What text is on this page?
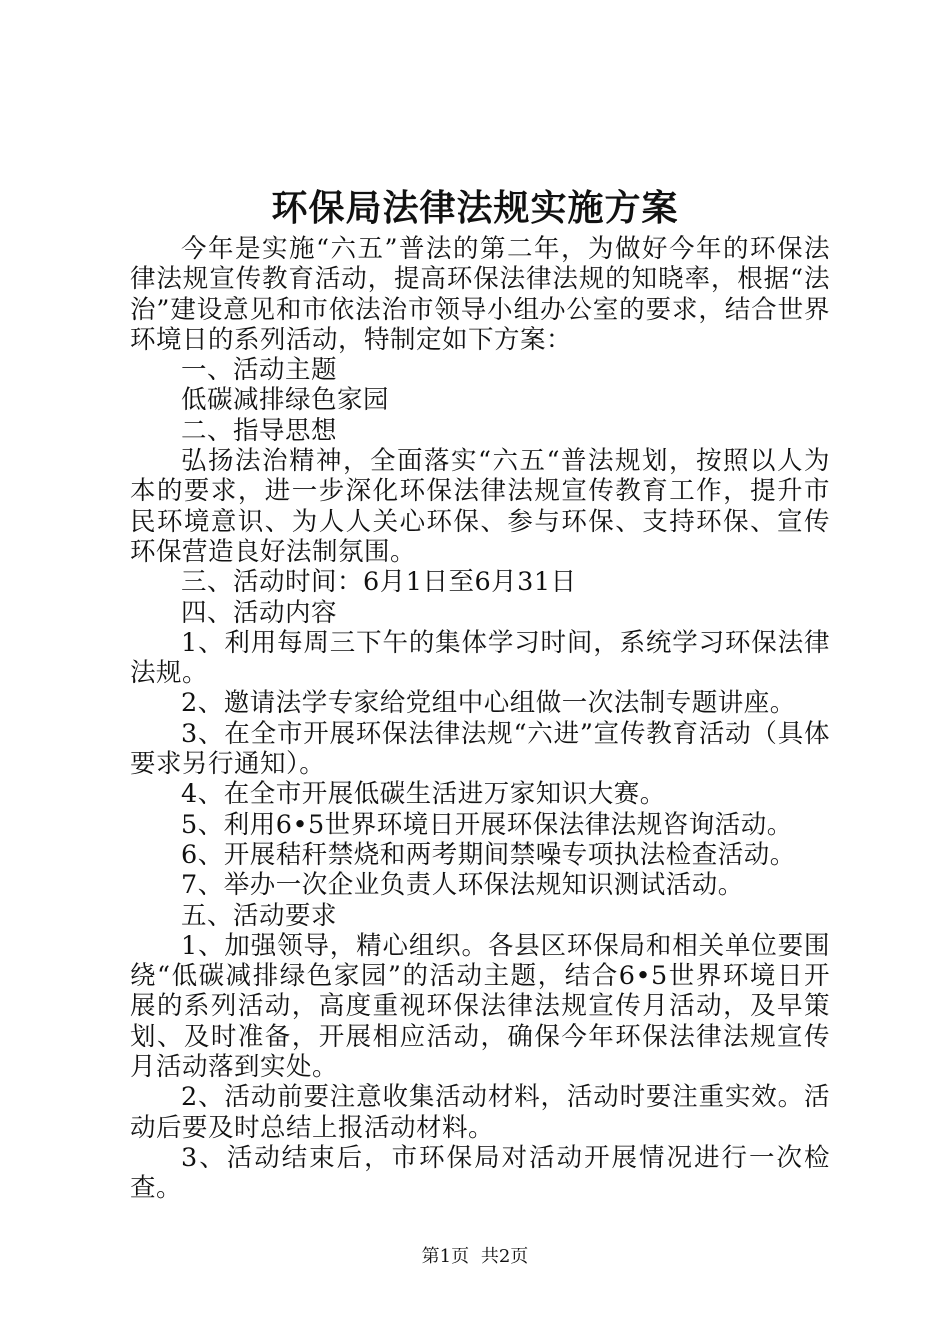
环保局法律法规实施方案

今年是实施“六五”普法的第二年，为做好今年的环保法律法规宣传教育活动，提高环保法律法规的知晓率，根据“法治”建设意见和市依法治市领导小组办公室的要求，结合世界环境日的系列活动，特制定如下方案：

一、活动主题

低碳减排绿色家园

二、指导思想

弘扬法治精神，全面落实“六五“普法规划，按照以人为本的要求，进一步深化环保法律法规宣传教育工作，提升市民环境意识、为人人关心环保、参与环保、支持环保、宣传环保营造良好法制氛围。

三、活动时间：6月1日至6月31日

四、活动内容

1、利用每周三下午的集体学习时间，系统学习环保法律法规。

2、邀请法学专家给党组中心组做一次法制专题讲座。

3、在全市开展环保法律法规“六进”宣传教育活动（具体要求另行通知）。

4、在全市开展低碳生活进万家知识大赛。

5、利用6•5世界环境日开展环保法律法规咨询活动。

6、开展秸秆禁烧和两考期间禁噪专项执法检查活动。

7、举办一次企业负责人环保法规知识测试活动。

五、活动要求

1、加强领导，精心组织。各县区环保局和相关单位要围绕“低碳减排绿色家园”的活动主题，结合6•5世界环境日开展的系列活动，高度重视环保法律法规宣传月活动，及早策划、及时准备，开展相应活动，确保今年环保法律法规宣传月活动落到实处。

2、活动前要注意收集活动材料，活动时要注重实效。活动后要及时总结上报活动材料。

3、活动结束后，市环保局对活动开展情况进行一次检查。

第1页 共2页
